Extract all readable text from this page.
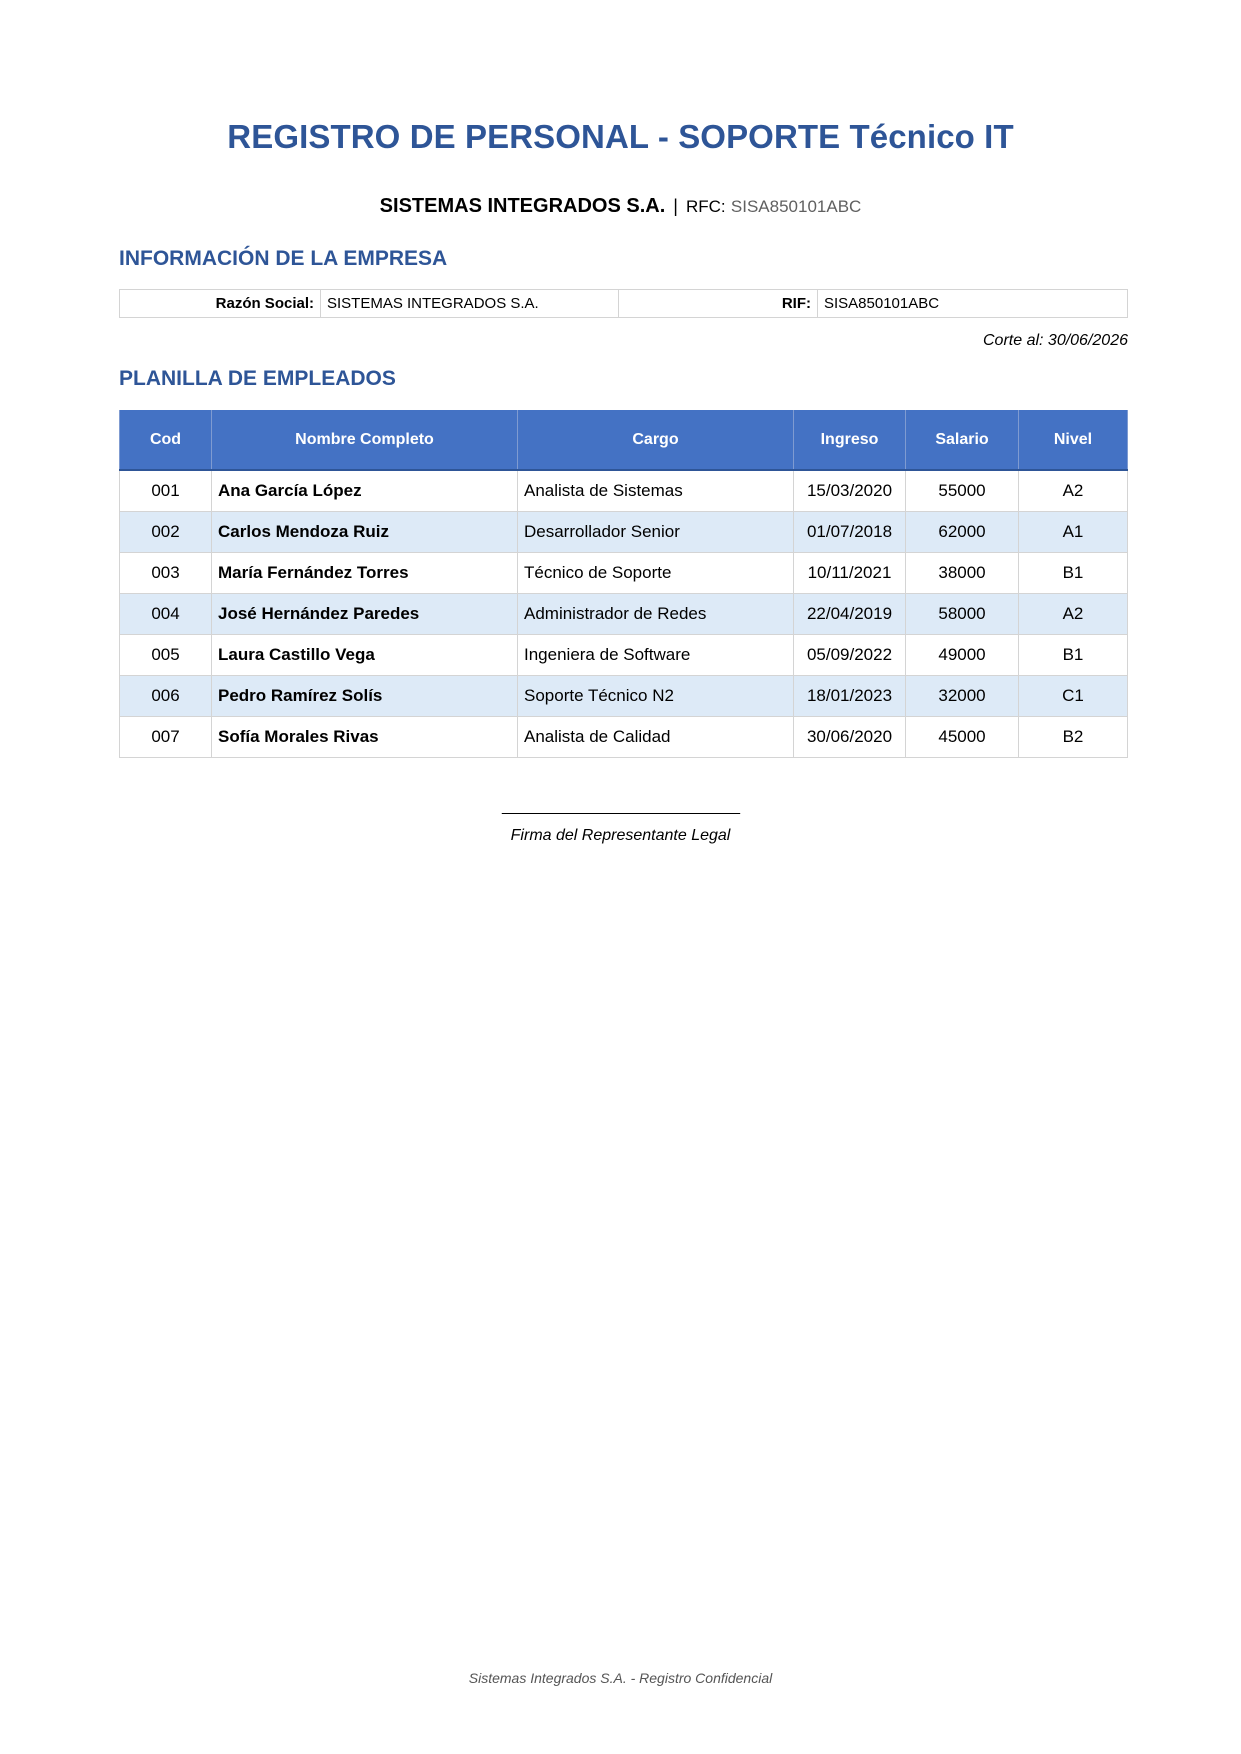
REGISTRO DE PERSONAL - SOPORTE Técnico IT
SISTEMAS INTEGRADOS S.A. | RFC: SISA850101ABC
INFORMACIÓN DE LA EMPRESA
Razón Social:	SISTEMAS INTEGRADOS S.A.	RIF:	SISA850101ABC
Corte al: 30/06/2026
PLANILLA DE EMPLEADOS
Cod	Nombre Completo	Cargo	Ingreso	Salario	Nivel
001	Ana García López	Analista de Sistemas	15/03/2020	55000	A2
002	Carlos Mendoza Ruiz	Desarrollador Senior	01/07/2018	62000	A1
003	María Fernández Torres	Técnico de Soporte	10/11/2021	38000	B1
004	José Hernández Paredes	Administrador de Redes	22/04/2019	58000	A2
005	Laura Castillo Vega	Ingeniera de Software	05/09/2022	49000	B1
006	Pedro Ramírez Solís	Soporte Técnico N2	18/01/2023	32000	C1
007	Sofía Morales Rivas	Analista de Calidad	30/06/2020	45000	B2
______________________________
Firma del Representante Legal
Sistemas Integrados S.A. - Registro Confidencial
